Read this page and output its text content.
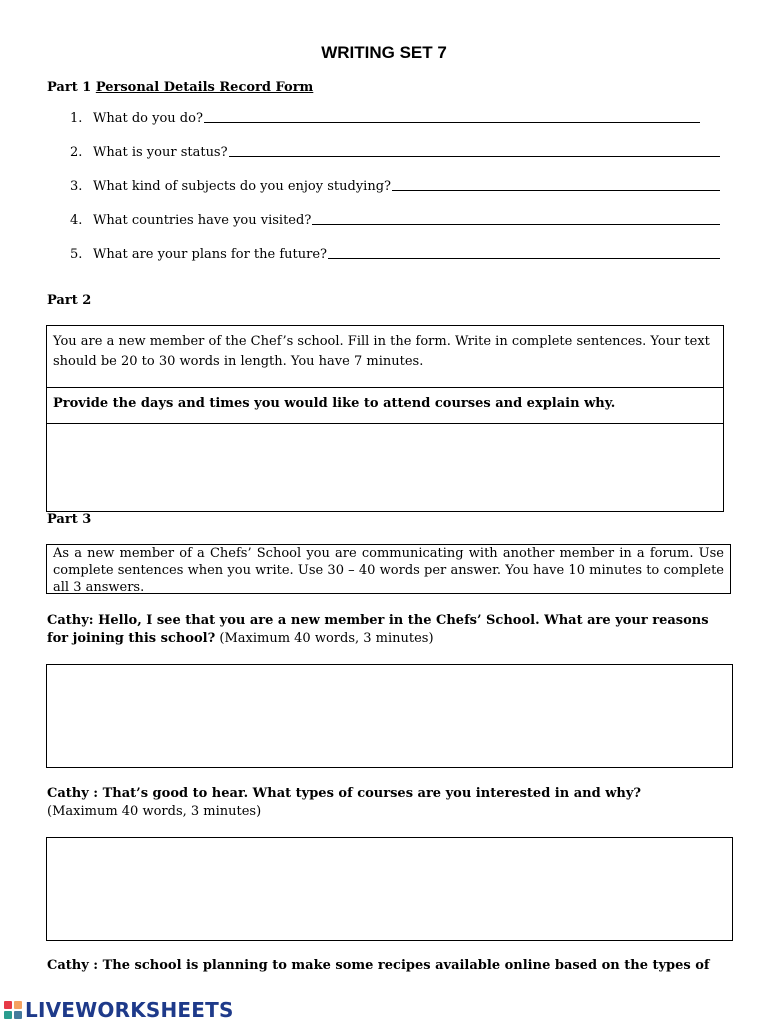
WRITING SET 7
Part 1 Personal Details Record Form
1. What do you do?
2. What is your status?
3. What kind of subjects do you enjoy studying?
4. What countries have you visited?
5. What are your plans for the future?
Part 2
You are a new member of the Chef’s school. Fill in the form. Write in complete sentences. Your text should be 20 to 30 words in length. You have 7 minutes.
Provide the days and times you would like to attend courses and explain why.
Part 3
As a new member of a Chefs’ School you are communicating with another member in a forum. Use complete sentences when you write. Use 30 – 40 words per answer. You have 10 minutes to complete all 3 answers.
Cathy: Hello, I see that you are a new member in the Chefs’ School. What are your reasons for joining this school? (Maximum 40 words, 3 minutes)
Cathy : That’s good to hear. What types of courses are you interested in and why?
(Maximum 40 words, 3 minutes)
Cathy : The school is planning to make some recipes available online based on the types of
LIVEWORKSHEETS
